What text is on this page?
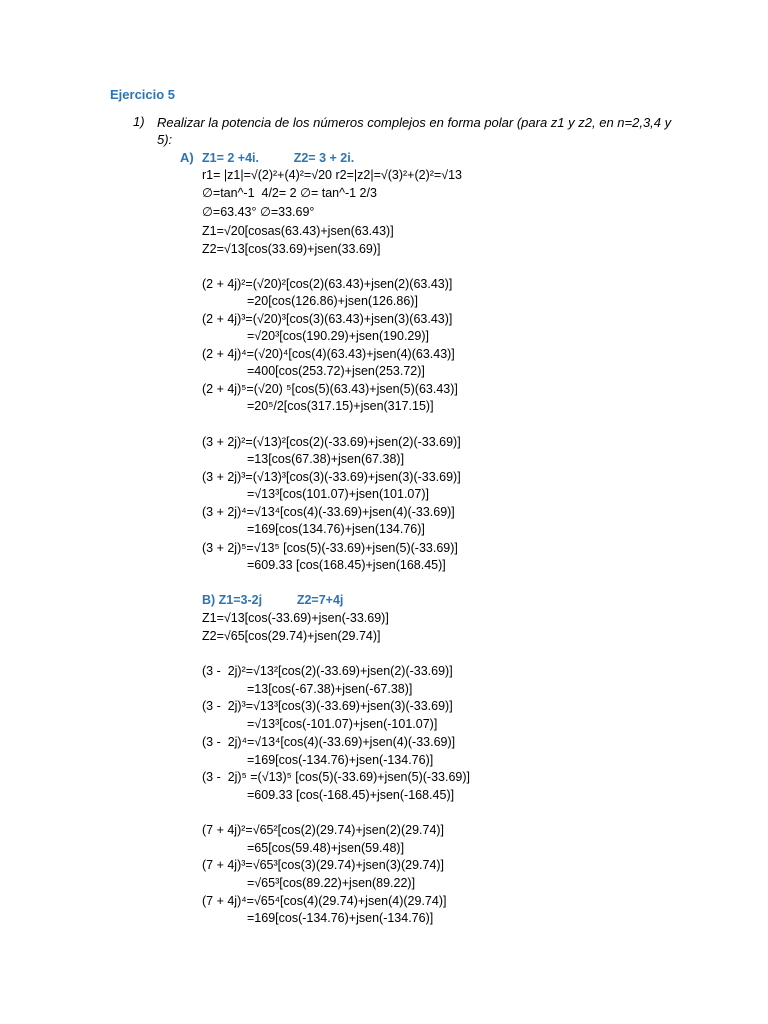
Ejercicio 5
1) Realizar la potencia de los números complejos en forma polar (para z1 y z2, en n=2,3,4 y 5):
A) Z1= 2 +4i.          Z2= 3 + 2i.
r1= |z1|=√(2)²+(4)²=√20 r2=|z2|=√(3)²+(2)²=√13
∅=tan^-1  4/2= 2 ∅= tan^-1 2/3
∅=63.43° ∅=33.69°
Z1=√20[cosas(63.43)+jsen(63.43)]
Z2=√13[cos(33.69)+jsen(33.69)]
(2 + 4j)²=(√20)²[cos(2)(63.43)+jsen(2)(63.43)]
=20[cos(126.86)+jsen(126.86)]
(2 + 4j)³=(√20)³[cos(3)(63.43)+jsen(3)(63.43)]
=√20³[cos(190.29)+jsen(190.29)]
(2 + 4j)⁴=(√20)⁴[cos(4)(63.43)+jsen(4)(63.43)]
=400[cos(253.72)+jsen(253.72)]
(2 + 4j)⁵=(√20) ⁵[cos(5)(63.43)+jsen(5)(63.43)]
=20⁵/2[cos(317.15)+jsen(317.15)]
(3 + 2j)²=(√13)²[cos(2)(-33.69)+jsen(2)(-33.69)]
=13[cos(67.38)+jsen(67.38)]
(3 + 2j)³=(√13)³[cos(3)(-33.69)+jsen(3)(-33.69)]
=√13³[cos(101.07)+jsen(101.07)]
(3 + 2j)⁴=√13⁴[cos(4)(-33.69)+jsen(4)(-33.69)]
=169[cos(134.76)+jsen(134.76)]
(3 + 2j)⁵=√13⁵ [cos(5)(-33.69)+jsen(5)(-33.69)]
=609.33 [cos(168.45)+jsen(168.45)]
B) Z1=3-2j          Z2=7+4j
Z1=√13[cos(-33.69)+jsen(-33.69)]
Z2=√65[cos(29.74)+jsen(29.74)]
(3 -  2j)²=√13²[cos(2)(-33.69)+jsen(2)(-33.69)]
=13[cos(-67.38)+jsen(-67.38)]
(3 -  2j)³=√13³[cos(3)(-33.69)+jsen(3)(-33.69)]
=√13³[cos(-101.07)+jsen(-101.07)]
(3 -  2j)⁴=√13⁴[cos(4)(-33.69)+jsen(4)(-33.69)]
=169[cos(-134.76)+jsen(-134.76)]
(3 -  2j)⁵ =(√13)⁵ [cos(5)(-33.69)+jsen(5)(-33.69)]
=609.33 [cos(-168.45)+jsen(-168.45)]
(7 + 4j)²=√65²[cos(2)(29.74)+jsen(2)(29.74)]
=65[cos(59.48)+jsen(59.48)]
(7 + 4j)³=√65³[cos(3)(29.74)+jsen(3)(29.74)]
=√65³[cos(89.22)+jsen(89.22)]
(7 + 4j)⁴=√65⁴[cos(4)(29.74)+jsen(4)(29.74)]
=169[cos(-134.76)+jsen(-134.76)]
